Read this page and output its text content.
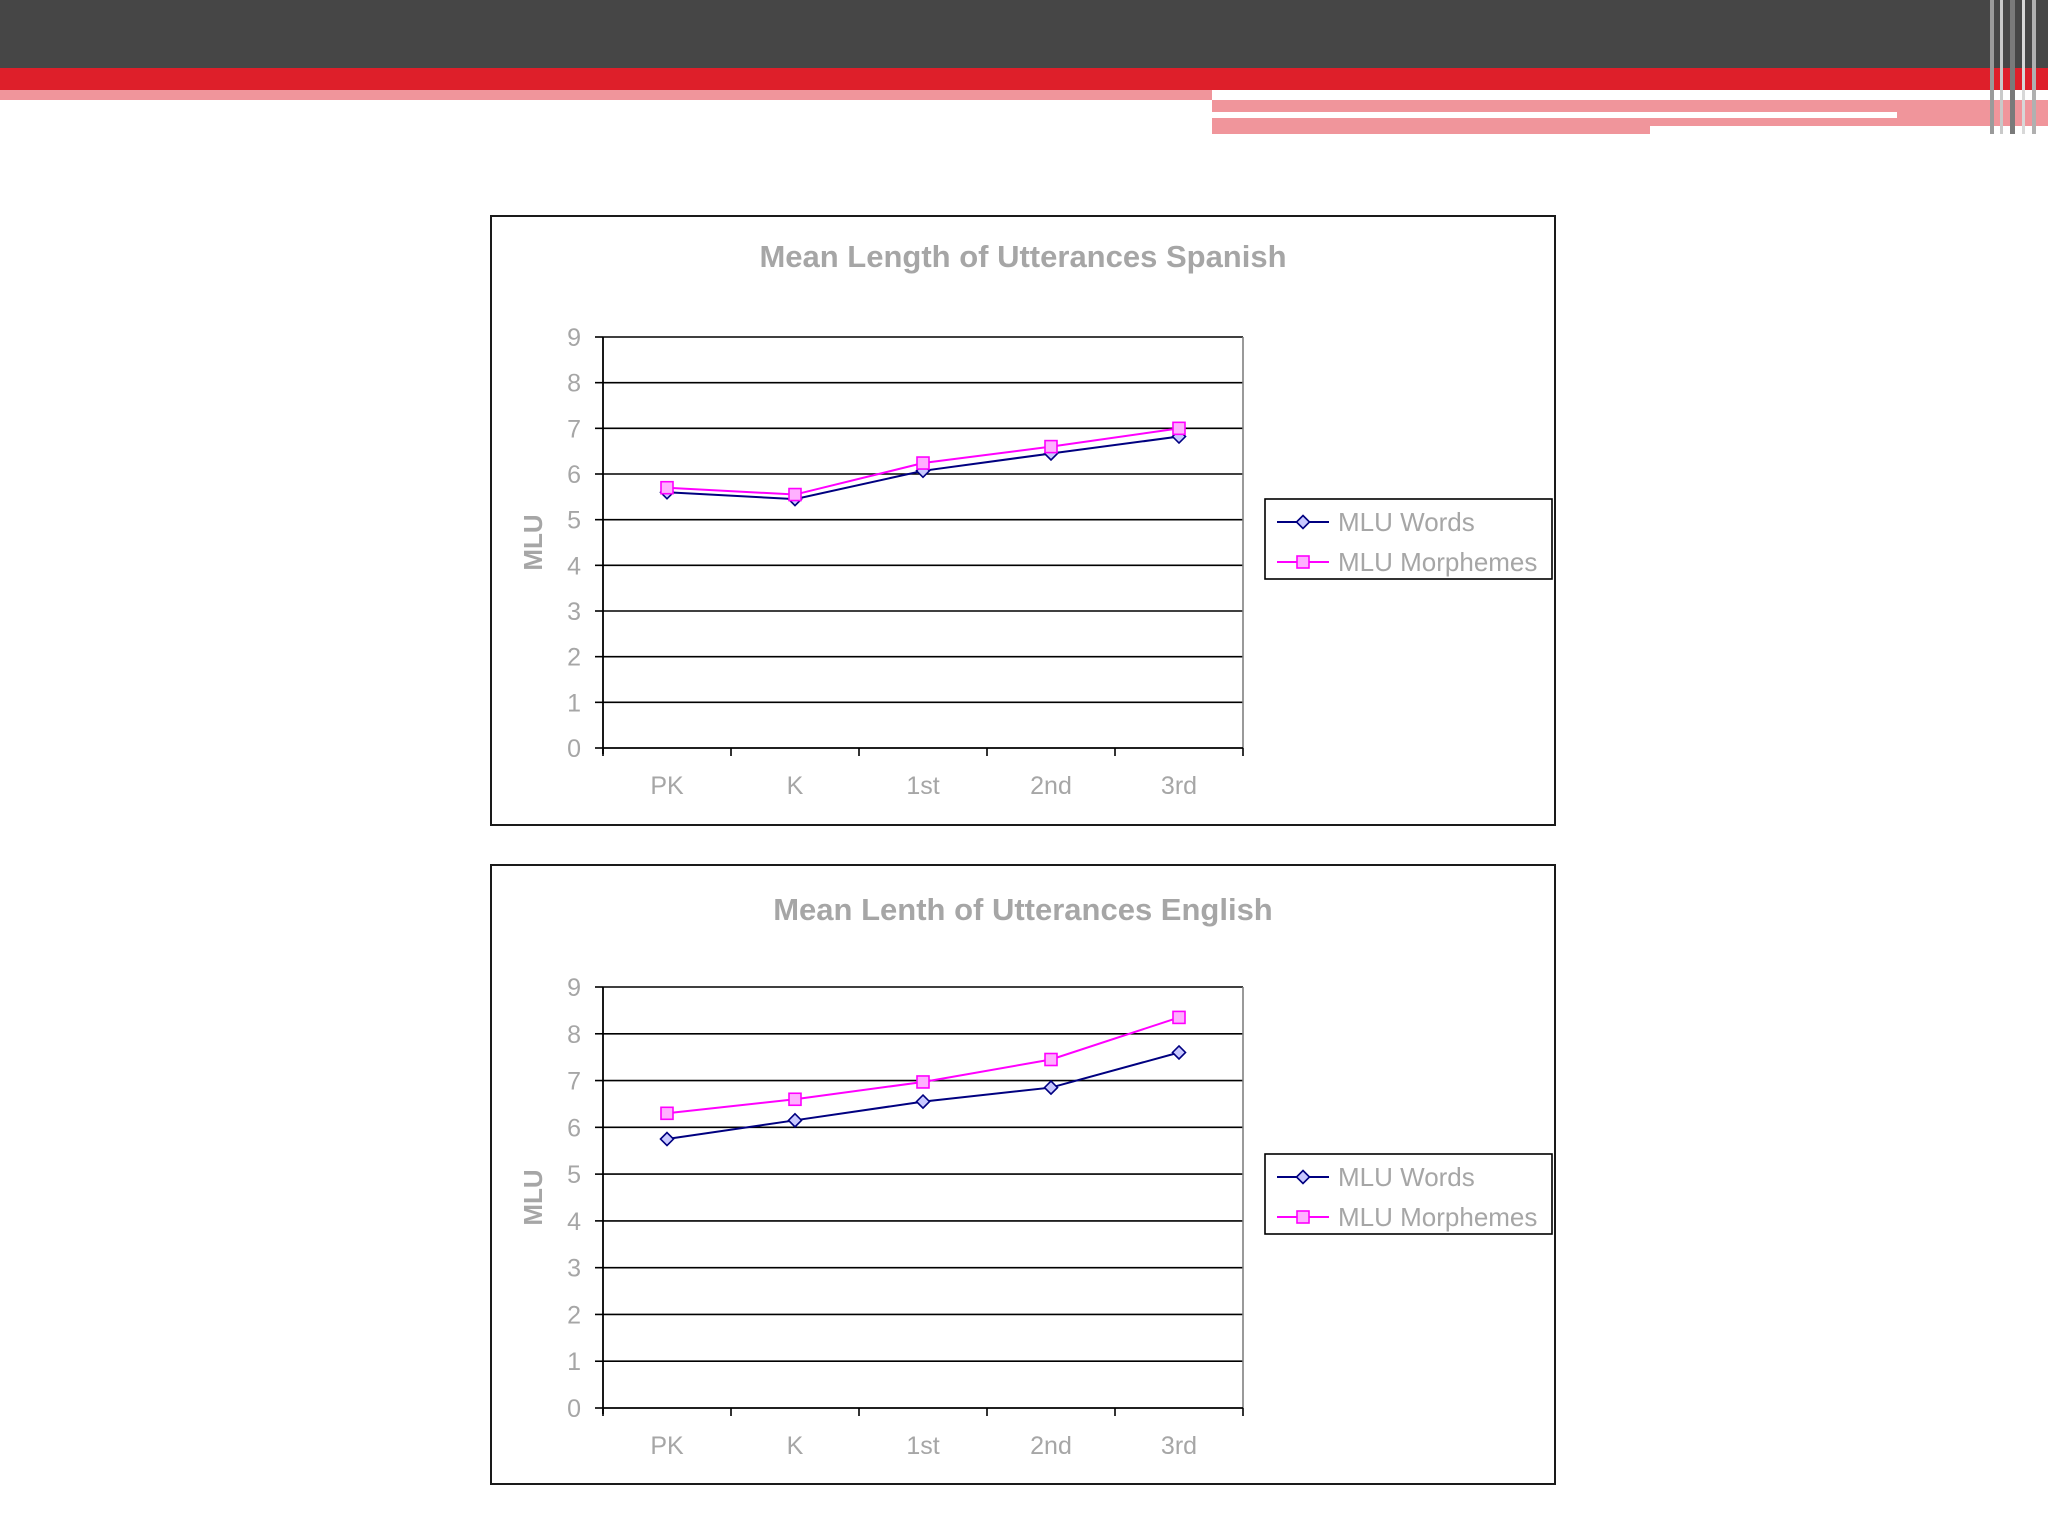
Mean Length of Utterances Spanish
MLU
0
1
2
3
4
5
6
7
8
9
PK	K	1st	2nd	3rd
MLU Words
MLU Morphemes
Mean Lenth of Utterances English
MLU
0
1
2
3
4
5
6
7
8
9
PK	K	1st	2nd	3rd
MLU Words
MLU Morphemes
